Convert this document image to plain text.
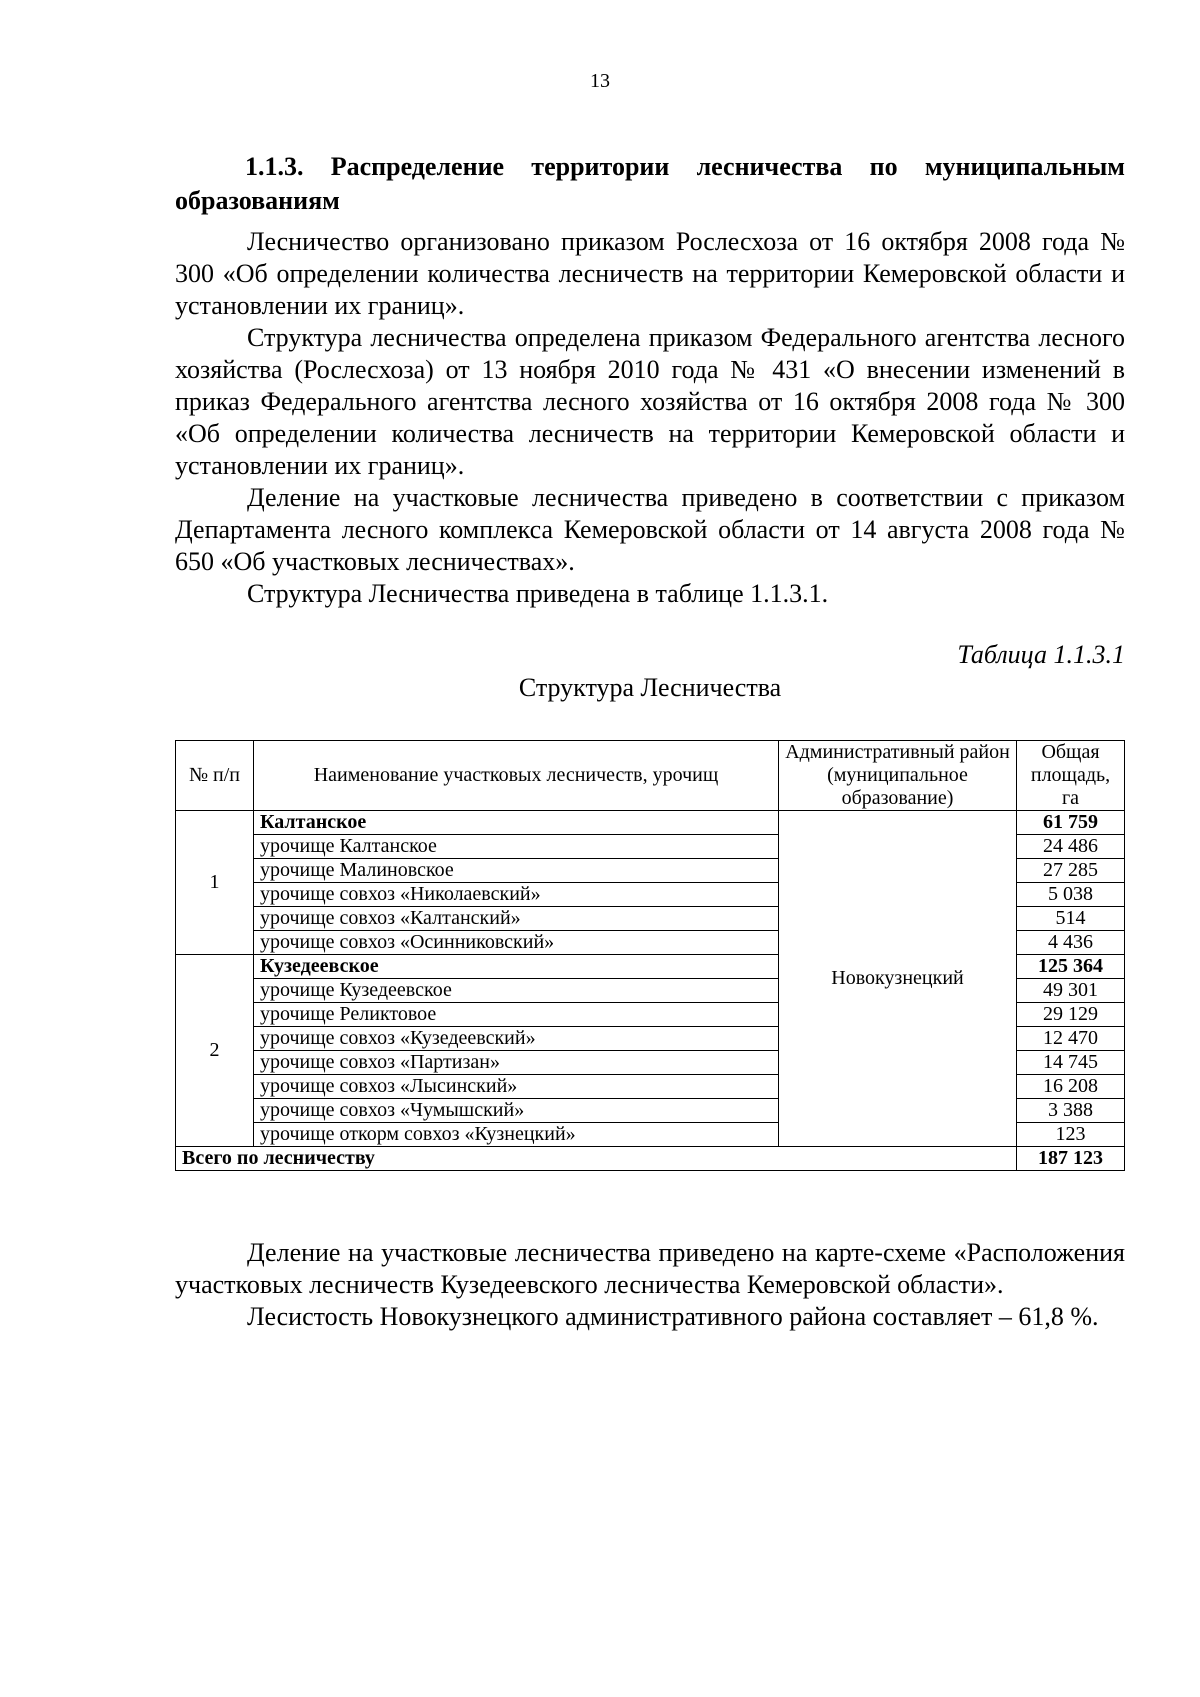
13
1.1.3. Распределение территории лесничества по муниципальным
образованиям

Лесничество организовано приказом Рослесхоза от 16 октября 2008 года № 300 «Об определении количества лесничеств на территории Кемеровской области и установлении их границ».

Структура лесничества определена приказом Федерального агентства лесного хозяйства (Рослесхоза) от 13 ноября 2010 года № 431 «О внесении изменений в приказ Федерального агентства лесного хозяйства от 16 октября 2008 года № 300 «Об определении количества лесничеств на территории Кемеровской области и установлении их границ».

Деление на участковые лесничества приведено в соответствии с приказом Департамента лесного комплекса Кемеровской области от 14 августа 2008 года № 650 «Об участковых лесничествах».

Структура Лесничества приведена в таблице 1.1.3.1.

Таблица 1.1.3.1
Структура Лесничества
№ п/п	Наименование участковых лесничеств, урочищ	Административный район (муниципальное образование)	Общая площадь, га
1	Калтанское	Новокузнецкий	61 759
	урочище Калтанское		24 486
	урочище Малиновское		27 285
	урочище совхоз «Николаевский»		5 038
	урочище совхоз «Калтанский»		514
	урочище совхоз «Осинниковский»		4 436
2	Кузедеевское		125 364
	урочище Кузедеевское		49 301
	урочище Реликтовое		29 129
	урочище совхоз «Кузедеевский»		12 470
	урочище совхоз «Партизан»		14 745
	урочище совхоз «Лысинский»		16 208
	урочище совхоз «Чумышский»		3 388
	урочище откорм совхоз «Кузнецкий»		123
Всего по лесничеству			187 123

Деление на участковые лесничества приведено на карте-схеме «Расположения участковых лесничеств Кузедеевского лесничества Кемеровской области».

Лесистость Новокузнецкого административного района составляет – 61,8 %.
